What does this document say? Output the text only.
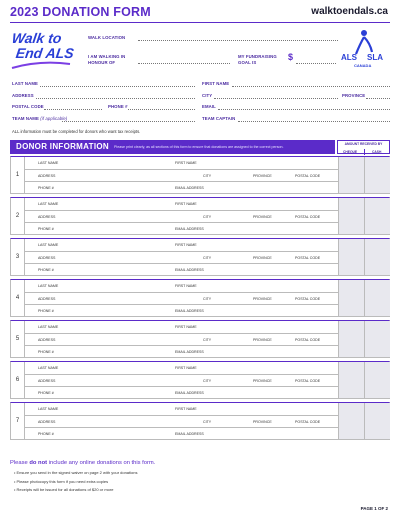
2023 DONATION FORM	walktoendals.ca
Walk to
End ALS
WALK LOCATION
I AM WALKING IN HONOUR OF
MY FUNDRAISING GOAL IS	$	ALS SLA
CANADA
LAST NAME	FIRST NAME
ADDRESS	CITY	PROVINCE
POSTAL CODE	PHONE #	EMAIL
TEAM NAME (if applicable)	TEAM CAPTAIN
ALL information must be completed for donors who want tax receipts.
DONOR INFORMATION Please print clearly, as all sections of this form to ensure that donations are assigned to the correct person.
AMOUNT RECEIVED BY
CHEQUE	CASH
1
LAST NAME	FIRST NAME
ADDRESS	CITY	PROVINCE	POSTAL CODE
PHONE #	EMAIL ADDRESS
2
LAST NAME	FIRST NAME
ADDRESS	CITY	PROVINCE	POSTAL CODE
PHONE #	EMAIL ADDRESS
3
LAST NAME	FIRST NAME
ADDRESS	CITY	PROVINCE	POSTAL CODE
PHONE #	EMAIL ADDRESS
4
LAST NAME	FIRST NAME
ADDRESS	CITY	PROVINCE	POSTAL CODE
PHONE #	EMAIL ADDRESS
5
LAST NAME	FIRST NAME
ADDRESS	CITY	PROVINCE	POSTAL CODE
PHONE #	EMAIL ADDRESS
6
LAST NAME	FIRST NAME
ADDRESS	CITY	PROVINCE	POSTAL CODE
PHONE #	EMAIL ADDRESS
7
LAST NAME	FIRST NAME
ADDRESS	CITY	PROVINCE	POSTAL CODE
PHONE #	EMAIL ADDRESS
Please do not include any online donations on this form.
• Ensure you send in the signed waiver on page 2 with your donations
• Please photocopy this form if you need extra copies
• Receipts will be issued for all donations of $20 or more
PAGE 1 OF 2
